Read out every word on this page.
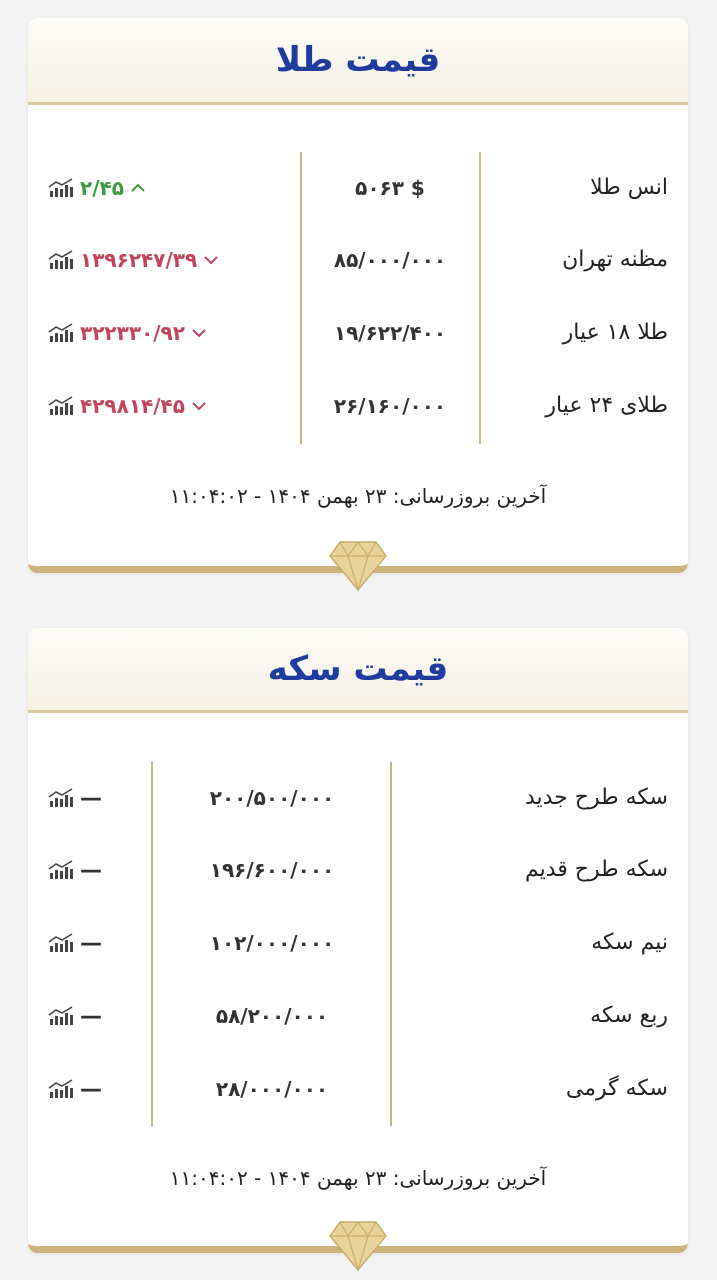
قیمت طلا
انس طلا
۵۰۶۳ $
۲/۴۵
مظنه تهران
۸۵/۰۰۰/۰۰۰
۱۳۹۶۲۴۷/۳۹
طلا ۱۸ عیار
۱۹/۶۲۲/۴۰۰
۳۲۲۳۳۰/۹۲
طلای ۲۴ عیار
۲۶/۱۶۰/۰۰۰
۴۲۹۸۱۴/۴۵
آخرین بروزرسانی: ۲۳ بهمن ۱۴۰۴ - ۱۱:۰۴:۰۲
قیمت سکه
سکه طرح جدید
۲۰۰/۵۰۰/۰۰۰
—
سکه طرح قدیم
۱۹۶/۶۰۰/۰۰۰
—
نیم سکه
۱۰۲/۰۰۰/۰۰۰
—
ربع سکه
۵۸/۲۰۰/۰۰۰
—
سکه گرمی
۲۸/۰۰۰/۰۰۰
—
آخرین بروزرسانی: ۲۳ بهمن ۱۴۰۴ - ۱۱:۰۴:۰۲
